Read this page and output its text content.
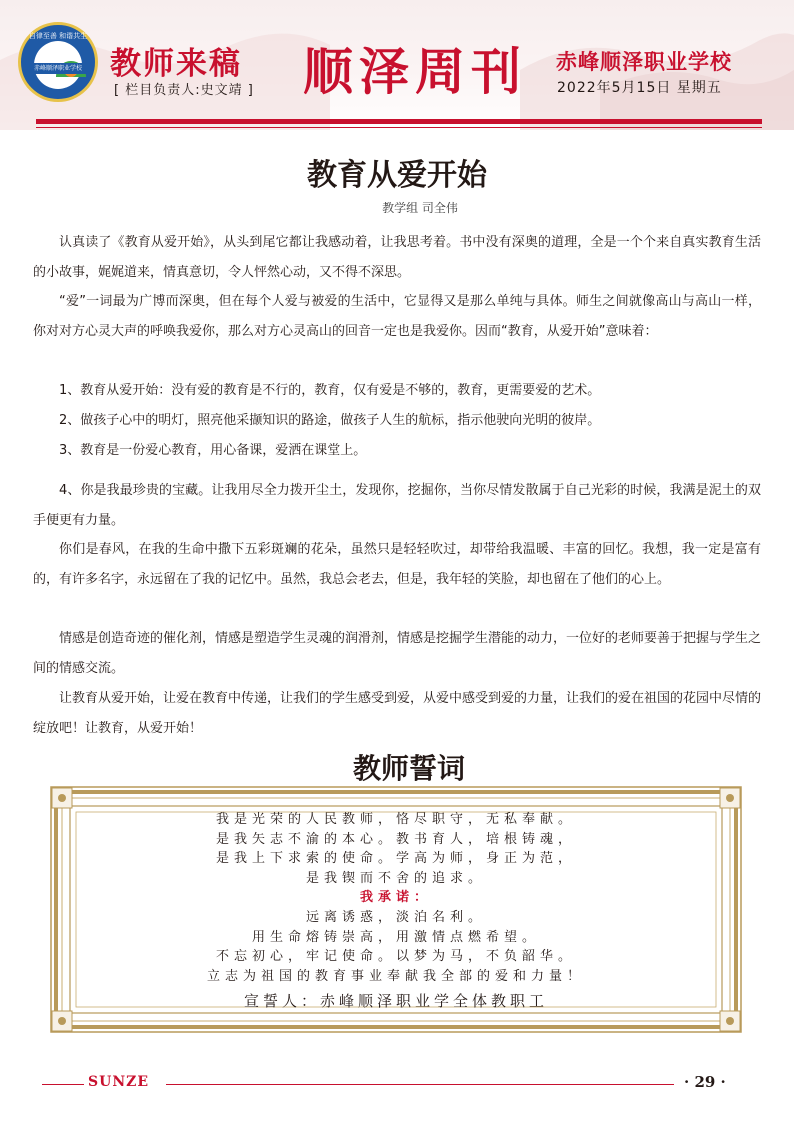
自律至善 和谐共生
赤峰顺泽职业学校 教师来稿
[ 栏目负责人:史文靖 ] 顺泽周刊 赤峰顺泽职业学校
2022年5月15日 星期五
教育从爱开始
教学组 司全伟

认真读了《教育从爱开始》，从头到尾它都让我感动着，让我思考着。书中没有深奥的道理，全是一个个来自真实教育生活的小故事，娓娓道来，情真意切，令人怦然心动，又不得不深思。

“爱”一词最为广博而深奥，但在每个人爱与被爱的生活中，它显得又是那么单纯与具体。师生之间就像高山与高山一样，你对对方心灵大声的呼唤我爱你，那么对方心灵高山的回音一定也是我爱你。因而“教育，从爱开始”意味着：

1、教育从爱开始：没有爱的教育是不行的，教育，仅有爱是不够的，教育，更需要爱的艺术。

2、做孩子心中的明灯，照亮他采撷知识的路途，做孩子人生的航标，指示他驶向光明的彼岸。

3、教育是一份爱心教育，用心备课，爱洒在课堂上。

4、你是我最珍贵的宝藏。让我用尽全力拨开尘土，发现你，挖掘你，当你尽情发散属于自己光彩的时候，我满是泥土的双手便更有力量。

你们是春风，在我的生命中撒下五彩斑斓的花朵，虽然只是轻轻吹过，却带给我温暖、丰富的回忆。我想，我一定是富有的，有许多名字，永远留在了我的记忆中。虽然，我总会老去，但是，我年轻的笑脸，却也留在了他们的心上。

情感是创造奇迹的催化剂，情感是塑造学生灵魂的润滑剂，情感是挖掘学生潜能的动力，一位好的老师要善于把握与学生之间的情感交流。

让教育从爱开始，让爱在教育中传递，让我们的学生感受到爱，从爱中感受到爱的力量，让我们的爱在祖国的花园中尽情的绽放吧！让教育，从爱开始！

教师誓词
我是光荣的人民教师，恪尽职守，无私奉献。
是我矢志不渝的本心。教书育人，培根铸魂，
是我上下求索的使命。学高为师，身正为范，
是我锲而不舍的追求。
我承诺：
远离诱惑，淡泊名利。
用生命熔铸崇高，用激情点燃希望。
不忘初心，牢记使命。以梦为马，不负韶华。
立志为祖国的教育事业奉献我全部的爱和力量！
宣誓人：赤峰顺泽职业学全体教职工
SUNZE	· 29 ·
